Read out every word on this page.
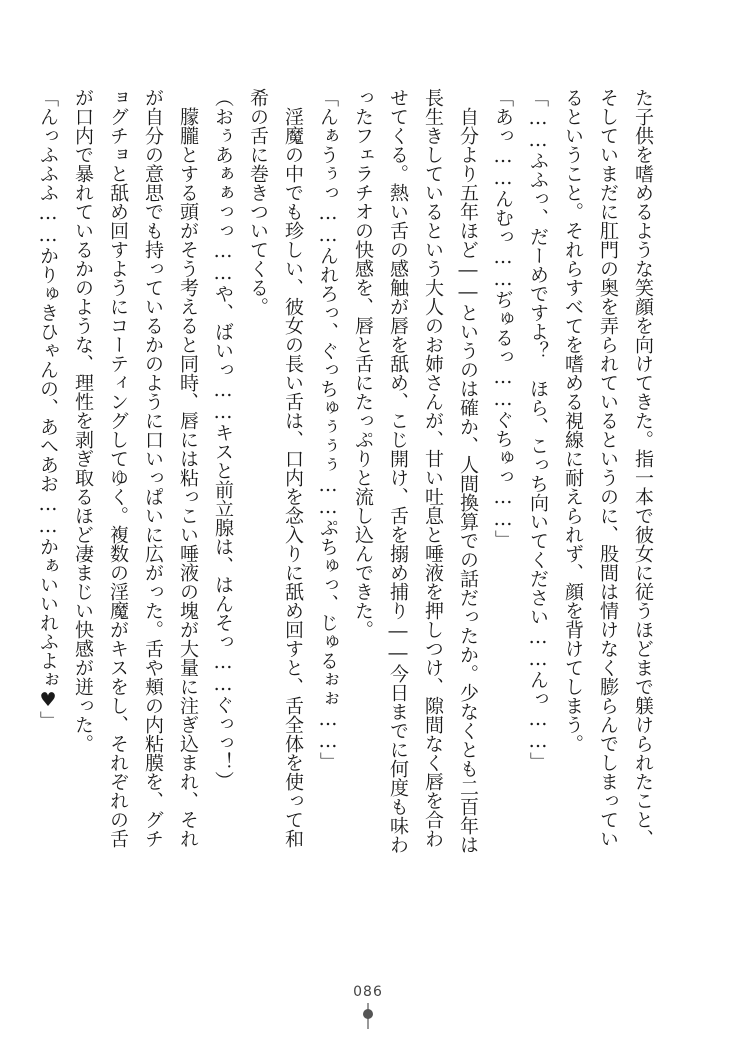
た子供を嗜めるような笑顔を向けてきた。指一本で彼女に従うほどまで躾けられたこと、
そしていまだに肛門の奥を弄られているというのに、股間は情けなく膨らんでしまってい
るということ。それらすべてを嗜める視線に耐えられず、顔を背けてしまう。
「……ふふっ、だーめですよ？　ほら、こっち向いてください……んっ……」
「あっ……んむっ……ぢゅるっ……ぐちゅっ……」
　自分より五年ほど――というのは確か、人間換算での話だったか。少なくとも二百年は
長生きしているという大人のお姉さんが、甘い吐息と唾液を押しつけ、隙間なく唇を合わ
せてくる。熱い舌の感触が唇を舐め、こじ開け、舌を搦め捕り――今日までに何度も味わ
ったフェラチオの快感を、唇と舌にたっぷりと流し込んできた。
「んぁうぅっ……んれろっ、ぐっちゅぅぅぅ……ぷちゅっ、じゅるぉぉ……」
　淫魔の中でも珍しい、彼女の長い舌は、口内を念入りに舐め回すと、舌全体を使って和
希の舌に巻きついてくる。
（おぅあぁぁっっ……や、ばいっ……キスと前立腺は、はんそっ……ぐっっ！）
　朦朧とする頭がそう考えると同時、唇には粘っこい唾液の塊が大量に注ぎ込まれ、それ
が自分の意思でも持っているかのように口いっぱいに広がった。舌や頬の内粘膜を、グチ
ョグチョと舐め回すようにコーティングしてゆく。複数の淫魔がキスをし、それぞれの舌
が口内で暴れているかのような、理性を剥ぎ取るほど凄まじい快感が迸った。
「んっふふふ……かりゅきひゃんの、あへあお……かぁいいれふよぉ♥」
086
